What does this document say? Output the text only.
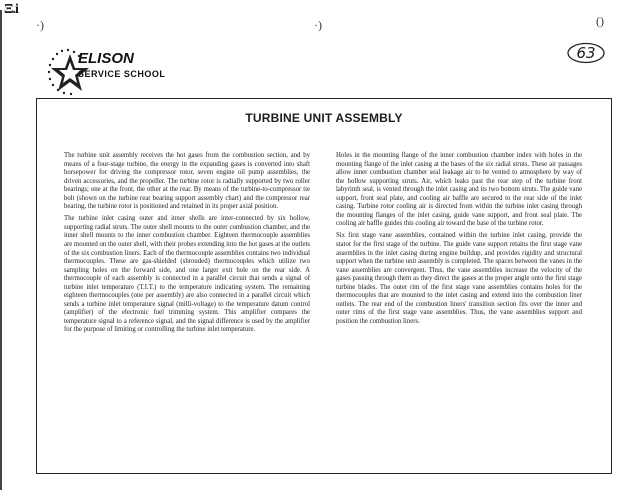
Ξ.i
·)	·)	()
ELISON
SERVICE SCHOOL
63
TURBINE UNIT ASSEMBLY

The turbine unit assembly receives the hot gases from the combustion section, and by means of a four-stage turbine, the energy in the expanding gases is converted into shaft horsepower for driving the compressor rotor, seven engine oil pump assemblies, the driven accessories, and the propeller. The turbine rotor is radially supported by two roller bearings; one at the front, the other at the rear. By means of the turbine-to-compressor tie bolt (shown on the turbine rear bearing support assembly chart) and the compressor rear bearing, the turbine rotor is positioned and retained in its proper axial position.

The turbine inlet casing outer and inner shells are inter-connected by six hollow, supporting radial struts. The outer shell mounts to the outer combustion chamber, and the inner shell mounts to the inner combustion chamber. Eighteen thermocouple assemblies are mounted on the outer shell, with their probes extending into the hot gases at the outlets of the six combustion liners. Each of the thermocouple assemblies contains two individual thermocouples. These are gas-shielded (shrouded) thermocouples which utilize two sampling holes on the forward side, and one larger exit hole on the rear side. A thermocouple of each assembly is connected in a parallel circuit that sends a signal of turbine inlet temperature (T.I.T.) to the temperature indicating system. The remaining eighteen thermocouples (one per assembly) are also connected in a parallel circuit which sends a turbine inlet temperature signal (milli-voltage) to the temperature datum control (amplifier) of the electronic fuel trimming system. This amplifier compares the temperature signal to a reference signal, and the signal difference is used by the amplifier for the purpose of limiting or controlling the turbine inlet temperature.

Holes in the mounting flange of the inner combustion chamber index with holes in the mounting flange of the inlet casing at the bases of the six radial struts. These air passages allow inner combustion chamber seal leakage air to be vented to atmosphere by way of the hollow supporting struts. Air, which leaks past the rear step of the turbine front labyrinth seal, is vented through the inlet casing and its two bottom struts. The guide vane support, front seal plate, and cooling air baffle are secured to the rear side of the inlet casing. Turbine rotor cooling air is directed from within the turbine inlet casing through the mounting flanges of the inlet casing, guide vane support, and front seal plate. The cooling air baffle guides this cooling air toward the base of the turbine rotor.

Six first stage vane assemblies, contained within the turbine inlet casing, provide the stator for the first stage of the turbine. The guide vane support retains the first stage vane assemblies in the inlet casing during engine buildup, and provides rigidity and structural support when the turbine unit assembly is completed. The spaces between the vanes in the vane assemblies are convergent. Thus, the vane assemblies increase the velocity of the gases passing through them as they direct the gases at the proper angle onto the first stage turbine blades. The outer rim of the first stage vane assemblies contains holes for the thermocouples that are mounted to the inlet casing and extend into the combustion liner outlets. The rear end of the combustion liners' transition section fits over the inner and outer rims of the first stage vane assemblies. Thus, the vane assemblies support and position the combustion liners.
